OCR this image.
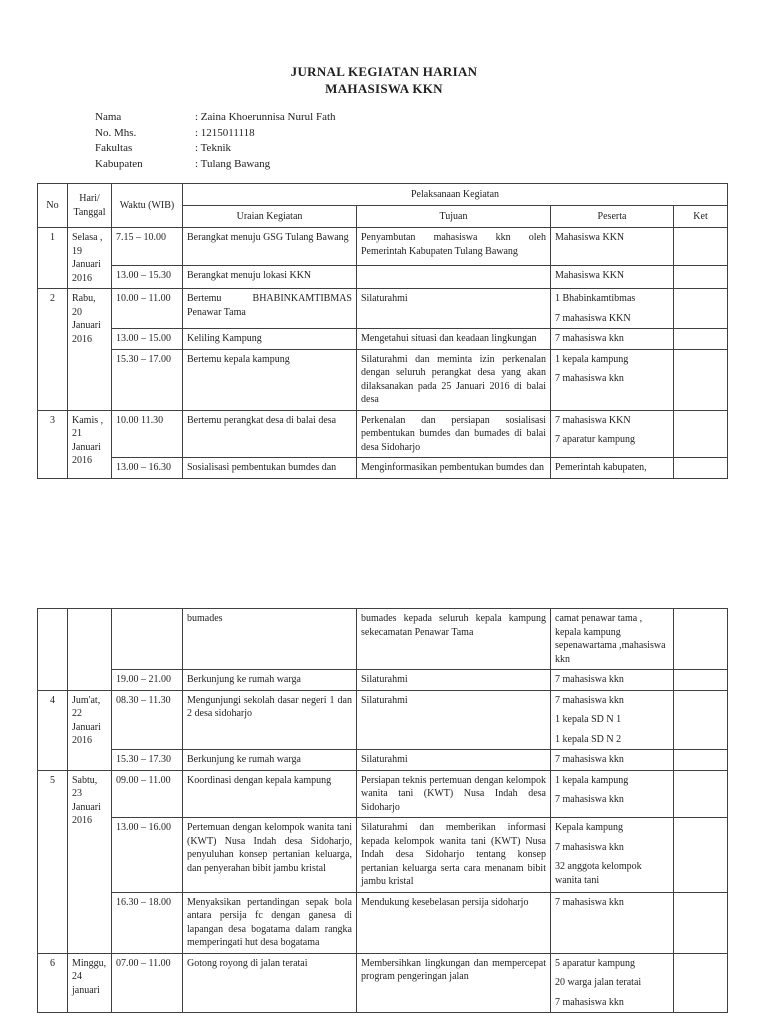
JURNAL KEGIATAN HARIAN
MAHASISWA KKN
Nama	: Zaina Khoerunnisa Nurul Fath
No. Mhs.	: 1215011118
Fakultas	: Teknik
Kabupaten	: Tulang Bawang
No	Hari/ Tanggal	Waktu (WIB)	Pelaksanaan Kegiatan			
			Uraian Kegiatan	Tujuan	Peserta	Ket
1	Selasa , 19 Januari 2016	7.15 – 10.00	Berangkat menuju GSG Tulang Bawang	Penyambutan mahasiswa kkn oleh Pemerintah Kabupaten Tulang Bawang	Mahasiswa KKN	

		13.00 – 15.30	Berangkat menuju lokasi KKN		Mahasiswa KKN	

2	Rabu, 20 Januari 2016	10.00 – 11.00	Bertemu BHABINKAMTIBMAS Penawar Tama	Silaturahmi	1 Bhabinkamtibmas
7 mahasiswa KKN	

		13.00 – 15.00	Keliling Kampung	Mengetahui situasi dan keadaan lingkungan	7 mahasiswa kkn	

		15.30 – 17.00	Bertemu kepala kampung	Silaturahmi dan meminta izin perkenalan dengan seluruh perangkat desa yang akan dilaksanakan pada 25 Januari 2016 di balai desa	1 kepala kampung
7 mahasiswa kkn	

3	Kamis , 21 Januari 2016	10.00 11.30	Bertemu perangkat desa di balai desa	Perkenalan dan persiapan sosialisasi pembentukan bumdes dan bumades di balai desa Sidoharjo	7 mahasiswa KKN
7 aparatur kampung	

		13.00 – 16.30	Sosialisasi pembentukan bumdes dan	Menginformasikan pembentukan bumdes dan	Pemerintah kabupaten,	

			bumades	bumades kepada seluruh kepala kampung sekecamatan Penawar Tama	camat penawar tama , kepala kampung sepenawartama ,mahasiswa kkn	

		19.00 – 21.00	Berkunjung ke rumah warga	Silaturahmi	7 mahasiswa kkn	

4	Jum'at, 22 Januari 2016	08.30 – 11.30	Mengunjungi sekolah dasar negeri 1 dan 2 desa sidoharjo	Silaturahmi	7 mahasiswa kkn
1 kepala SD N 1
1 kepala SD N 2	

		15.30 – 17.30	Berkunjung ke rumah warga	Silaturahmi	7 mahasiswa kkn	

5	Sabtu, 23 Januari 2016	09.00 – 11.00	Koordinasi dengan kepala kampung	Persiapan teknis pertemuan dengan kelompok wanita tani (KWT) Nusa Indah desa Sidoharjo	1 kepala kampung
7 mahasiswa kkn	

		13.00 – 16.00	Pertemuan dengan kelompok wanita tani (KWT) Nusa Indah desa Sidoharjo, penyuluhan konsep pertanian keluarga, dan penyerahan bibit jambu kristal	Silaturahmi dan memberikan informasi kepada kelompok wanita tani (KWT) Nusa Indah desa Sidoharjo tentang konsep pertanian keluarga serta cara menanam bibit jambu kristal	Kepala kampung
7 mahasiswa kkn
32 anggota kelompok wanita tani	

		16.30 – 18.00	Menyaksikan pertandingan sepak bola antara persija fc dengan ganesa di lapangan desa bogatama dalam rangka memperingati hut desa bogatama	Mendukung kesebelasan persija sidoharjo	7 mahasiswa kkn	

6	Minggu, 24 januari	07.00 – 11.00	Gotong royong di jalan teratai	Membersihkan lingkungan dan mempercepat program pengeringan jalan	5 aparatur kampung
20 warga jalan teratai
7 mahasiswa kkn	
